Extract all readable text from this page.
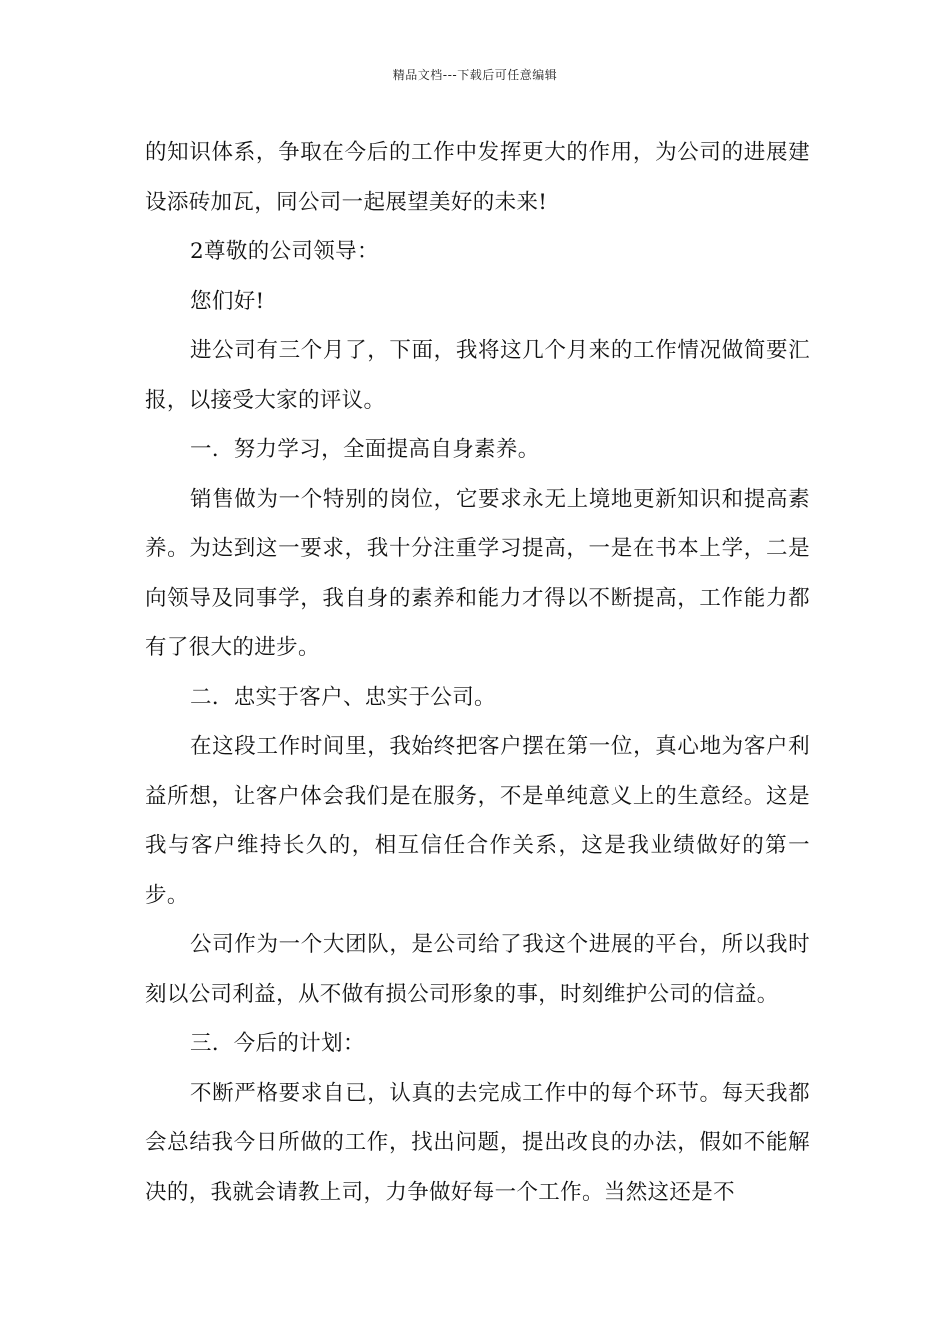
精品文档---下载后可任意编辑

的知识体系，争取在今后的工作中发挥更大的作用，为公司的进展建设添砖加瓦，同公司一起展望美好的未来!

2尊敬的公司领导：

您们好!

进公司有三个月了，下面，我将这几个月来的工作情况做简要汇报，以接受大家的评议。

一．努力学习，全面提高自身素养。

销售做为一个特别的岗位，它要求永无上境地更新知识和提高素养。为达到这一要求，我十分注重学习提高，一是在书本上学，二是向领导及同事学，我自身的素养和能力才得以不断提高，工作能力都有了很大的进步。

二．忠实于客户、忠实于公司。

在这段工作时间里，我始终把客户摆在第一位，真心地为客户利益所想，让客户体会我们是在服务，不是单纯意义上的生意经。这是我与客户维持长久的，相互信任合作关系，这是我业绩做好的第一步。

公司作为一个大团队，是公司给了我这个进展的平台，所以我时刻以公司利益，从不做有损公司形象的事，时刻维护公司的信益。

三．今后的计划：

不断严格要求自已，认真的去完成工作中的每个环节。每天我都会总结我今日所做的工作，找出问题，提出改良的办法，假如不能解决的，我就会请教上司，力争做好每一个工作。当然这还是不
